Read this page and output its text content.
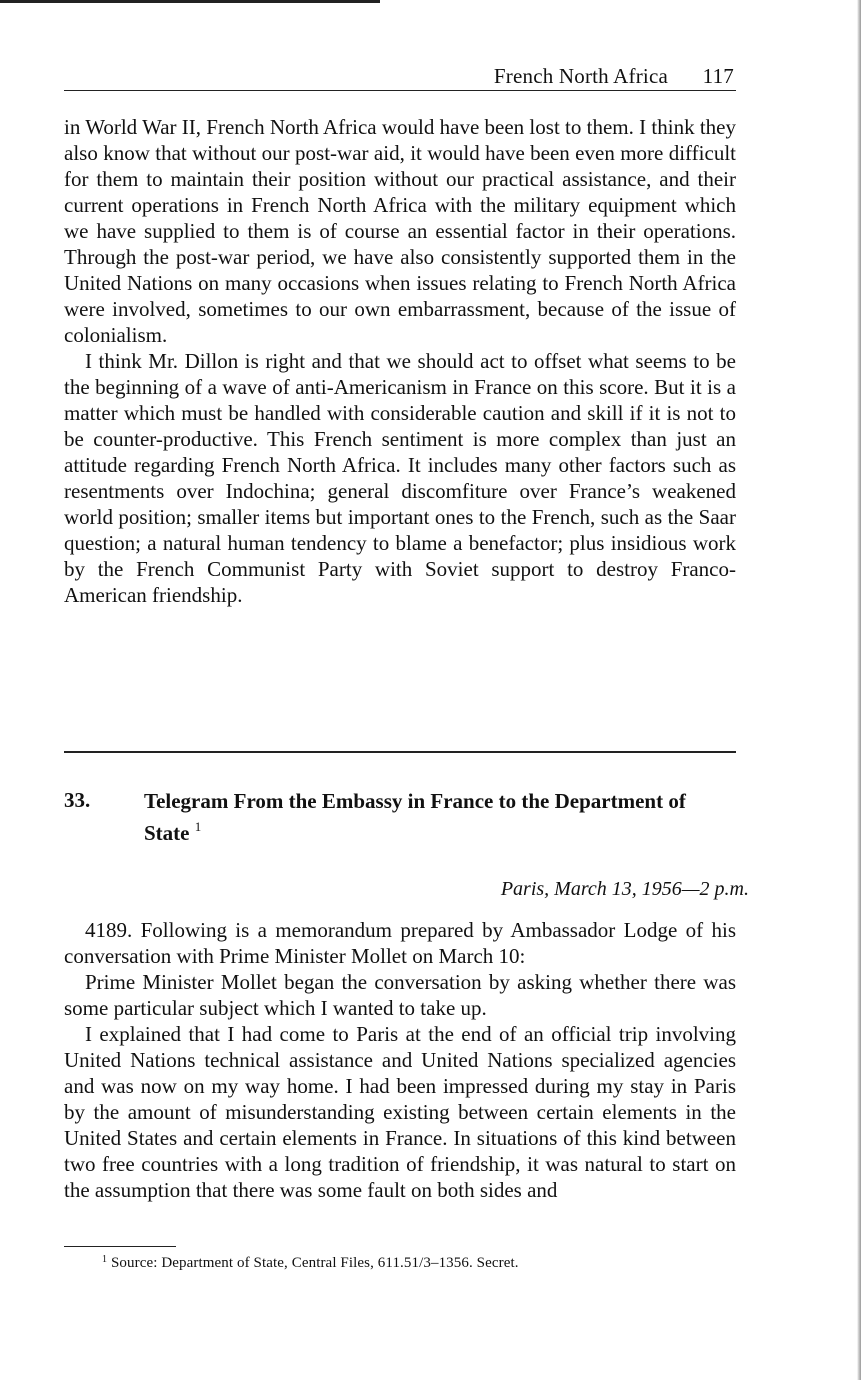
French North Africa 117

in World War II, French North Africa would have been lost to them. I think they also know that without our post-war aid, it would have been even more difficult for them to maintain their position without our practical assistance, and their current operations in French North Africa with the military equipment which we have supplied to them is of course an essential factor in their operations. Through the post-war period, we have also consistently supported them in the United Nations on many occasions when issues relating to French North Africa were involved, sometimes to our own embarrassment, because of the issue of colonialism.

I think Mr. Dillon is right and that we should act to offset what seems to be the beginning of a wave of anti-Americanism in France on this score. But it is a matter which must be handled with considerable caution and skill if it is not to be counter-productive. This French sentiment is more complex than just an attitude regarding French North Africa. It includes many other factors such as resentments over Indochina; general discomfiture over France’s weakened world position; smaller items but important ones to the French, such as the Saar question; a natural human tendency to blame a benefactor; plus insidious work by the French Communist Party with Soviet support to destroy Franco-American friendship.

33.	Telegram From the Embassy in France to the Department of State $^1$
Paris, March 13, 1956—2 p.m.

4189. Following is a memorandum prepared by Ambassador Lodge of his conversation with Prime Minister Mollet on March 10:

Prime Minister Mollet began the conversation by asking whether there was some particular subject which I wanted to take up.

I explained that I had come to Paris at the end of an official trip involving United Nations technical assistance and United Nations specialized agencies and was now on my way home. I had been impressed during my stay in Paris by the amount of misunderstanding existing between certain elements in the United States and certain elements in France. In situations of this kind between two free countries with a long tradition of friendship, it was natural to start on the assumption that there was some fault on both sides and

$^1$ Source: Department of State, Central Files, 611.51/3–1356. Secret.
